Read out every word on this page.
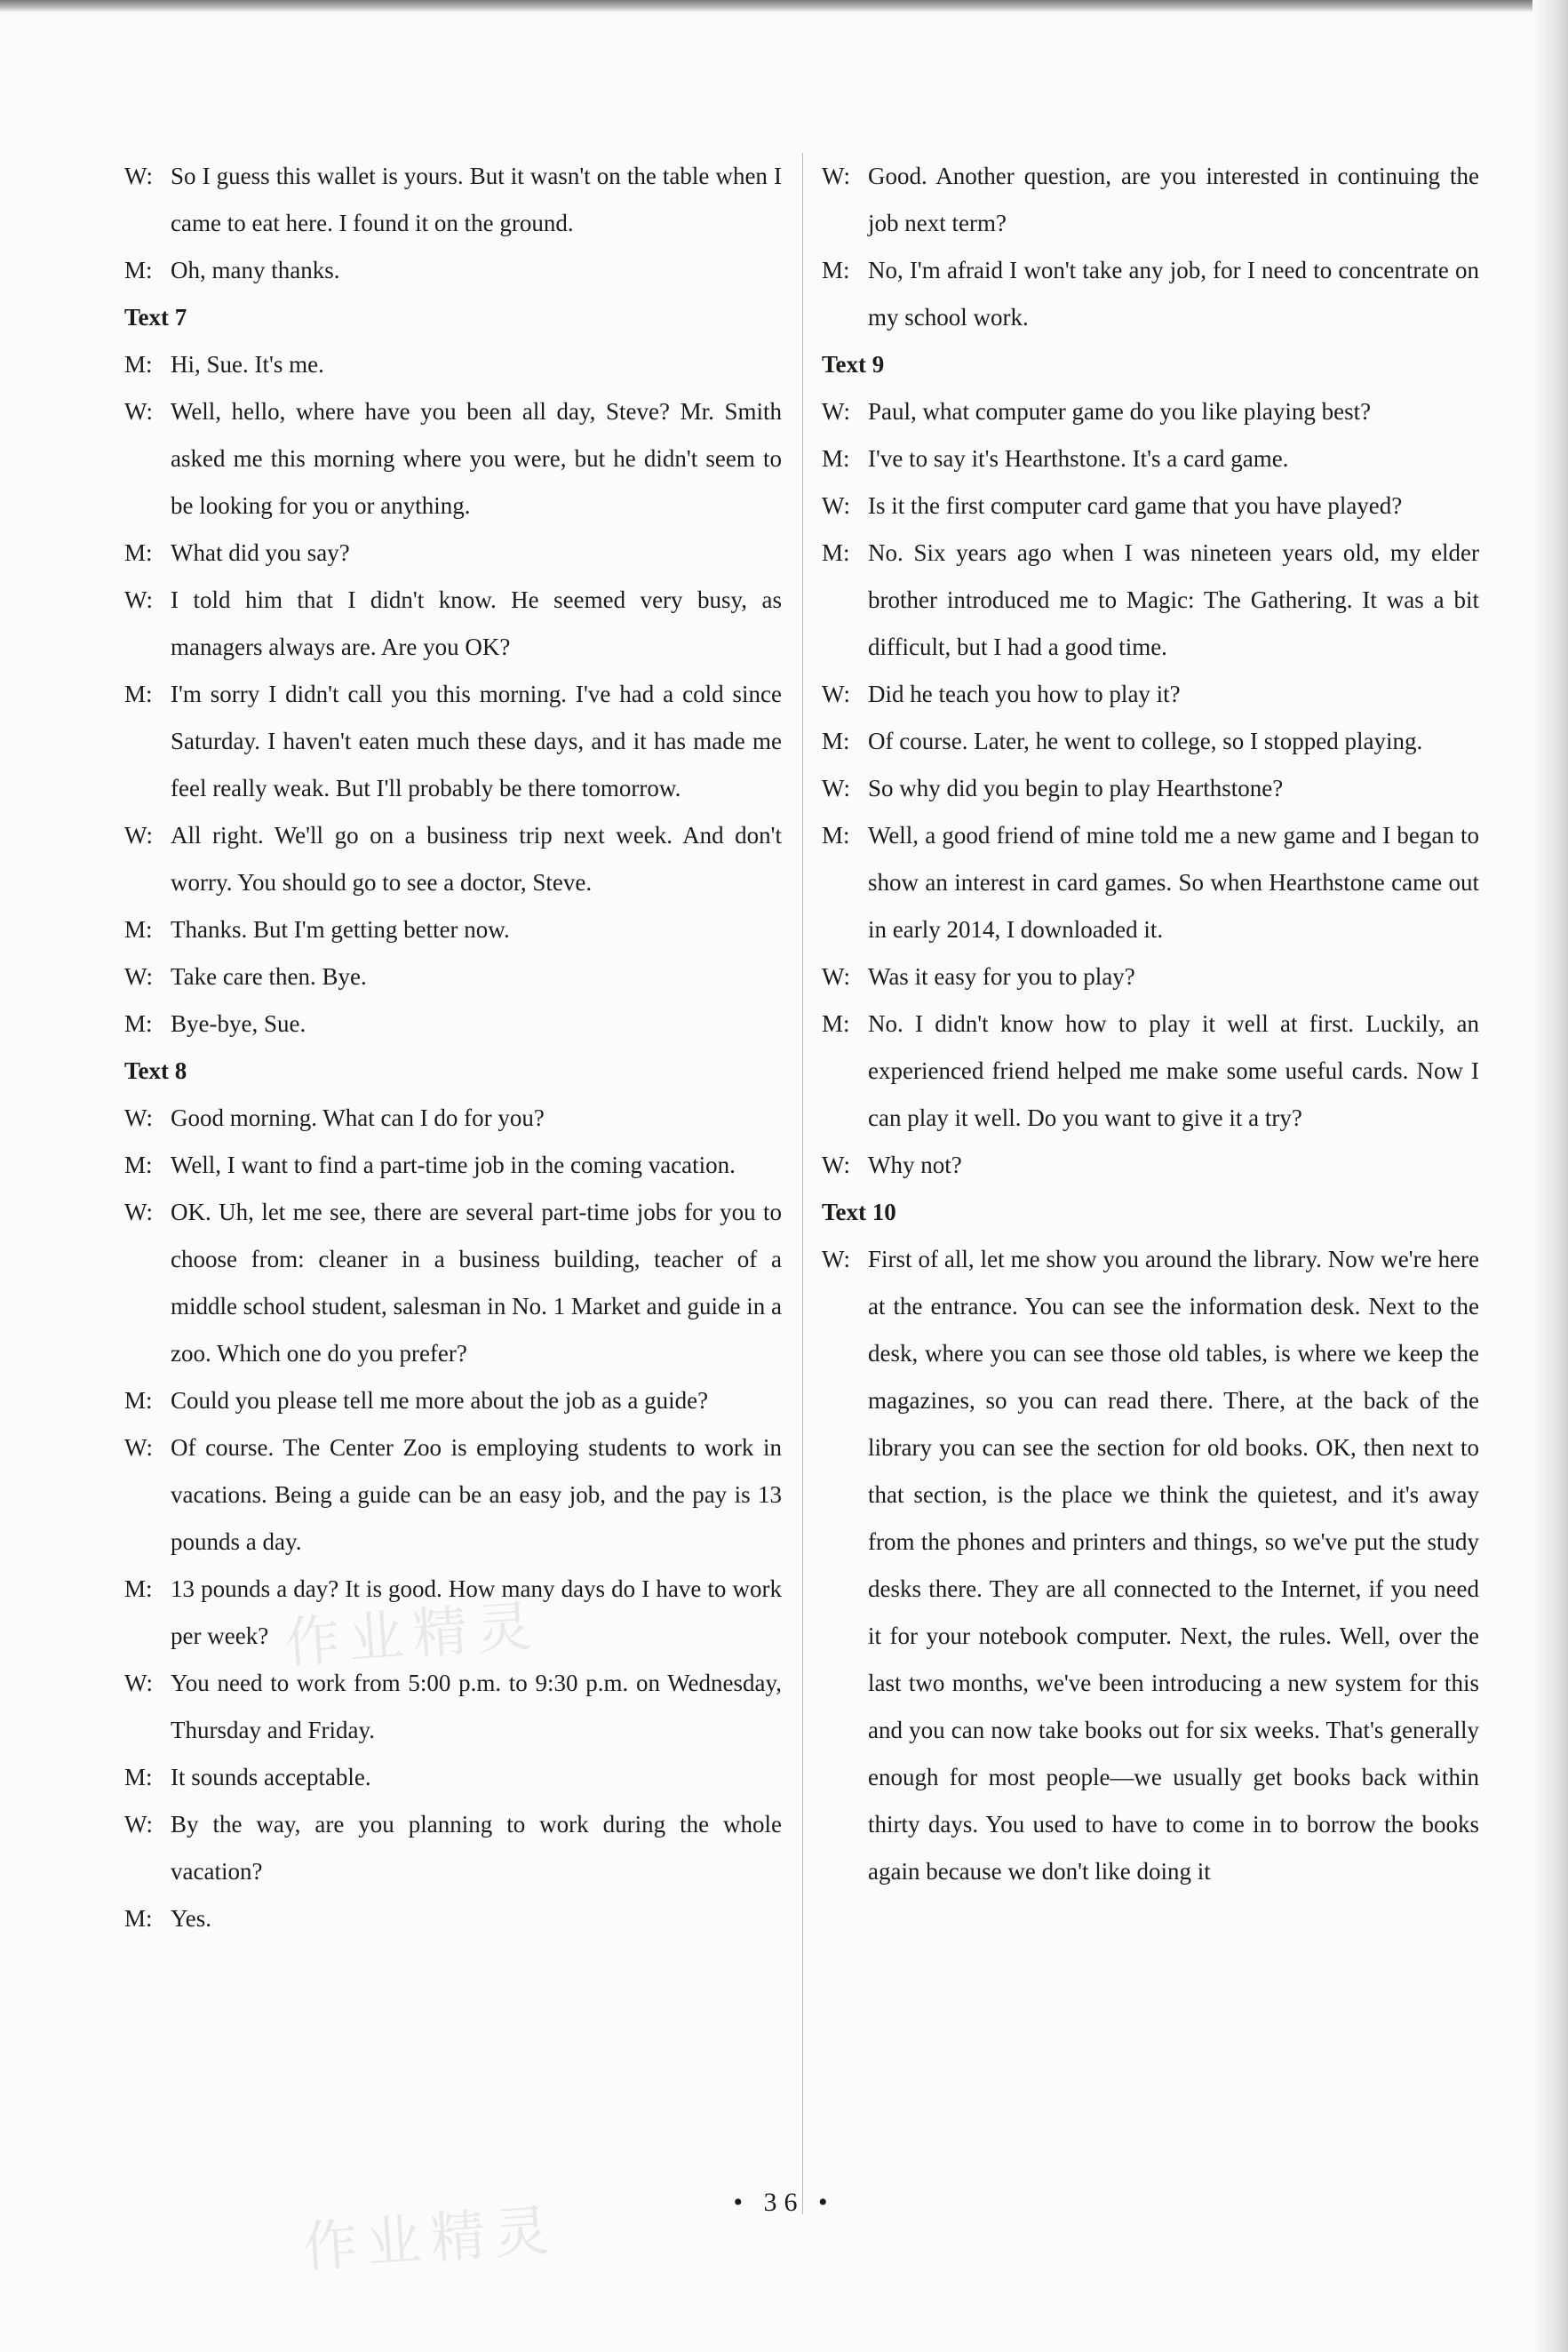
W: So I guess this wallet is yours. But it wasn't on the table when I came to eat here. I found it on the ground.
M: Oh, many thanks.
Text 7
M: Hi, Sue. It's me.
W: Well, hello, where have you been all day, Steve? Mr. Smith asked me this morning where you were, but he didn't seem to be looking for you or anything.
M: What did you say?
W: I told him that I didn't know. He seemed very busy, as managers always are. Are you OK?
M: I'm sorry I didn't call you this morning. I've had a cold since Saturday. I haven't eaten much these days, and it has made me feel really weak. But I'll probably be there tomorrow.
W: All right. We'll go on a business trip next week. And don't worry. You should go to see a doctor, Steve.
M: Thanks. But I'm getting better now.
W: Take care then. Bye.
M: Bye-bye, Sue.
Text 8
W: Good morning. What can I do for you?
M: Well, I want to find a part-time job in the coming vacation.
W: OK. Uh, let me see, there are several part-time jobs for you to choose from: cleaner in a business building, teacher of a middle school student, salesman in No. 1 Market and guide in a zoo. Which one do you prefer?
M: Could you please tell me more about the job as a guide?
W: Of course. The Center Zoo is employing students to work in vacations. Being a guide can be an easy job, and the pay is 13 pounds a day.
M: 13 pounds a day? It is good. How many days do I have to work per week?
W: You need to work from 5:00 p.m. to 9:30 p.m. on Wednesday, Thursday and Friday.
M: It sounds acceptable.
W: By the way, are you planning to work during the whole vacation?
M: Yes.
W: Good. Another question, are you interested in continuing the job next term?
M: No, I'm afraid I won't take any job, for I need to concentrate on my school work.
Text 9
W: Paul, what computer game do you like playing best?
M: I've to say it's Hearthstone. It's a card game.
W: Is it the first computer card game that you have played?
M: No. Six years ago when I was nineteen years old, my elder brother introduced me to Magic: The Gathering. It was a bit difficult, but I had a good time.
W: Did he teach you how to play it?
M: Of course. Later, he went to college, so I stopped playing.
W: So why did you begin to play Hearthstone?
M: Well, a good friend of mine told me a new game and I began to show an interest in card games. So when Hearthstone came out in early 2014, I downloaded it.
W: Was it easy for you to play?
M: No. I didn't know how to play it well at first. Luckily, an experienced friend helped me make some useful cards. Now I can play it well. Do you want to give it a try?
W: Why not?
Text 10
W: First of all, let me show you around the library. Now we're here at the entrance. You can see the information desk. Next to the desk, where you can see those old tables, is where we keep the magazines, so you can read there. There, at the back of the library you can see the section for old books. OK, then next to that section, is the place we think the quietest, and it's away from the phones and printers and things, so we've put the study desks there. They are all connected to the Internet, if you need it for your notebook computer. Next, the rules. Well, over the last two months, we've been introducing a new system for this and you can now take books out for six weeks. That's generally enough for most people—we usually get books back within thirty days. You used to have to come in to borrow the books again because we don't like doing it
作业精灵
作业精灵	• 36 •
